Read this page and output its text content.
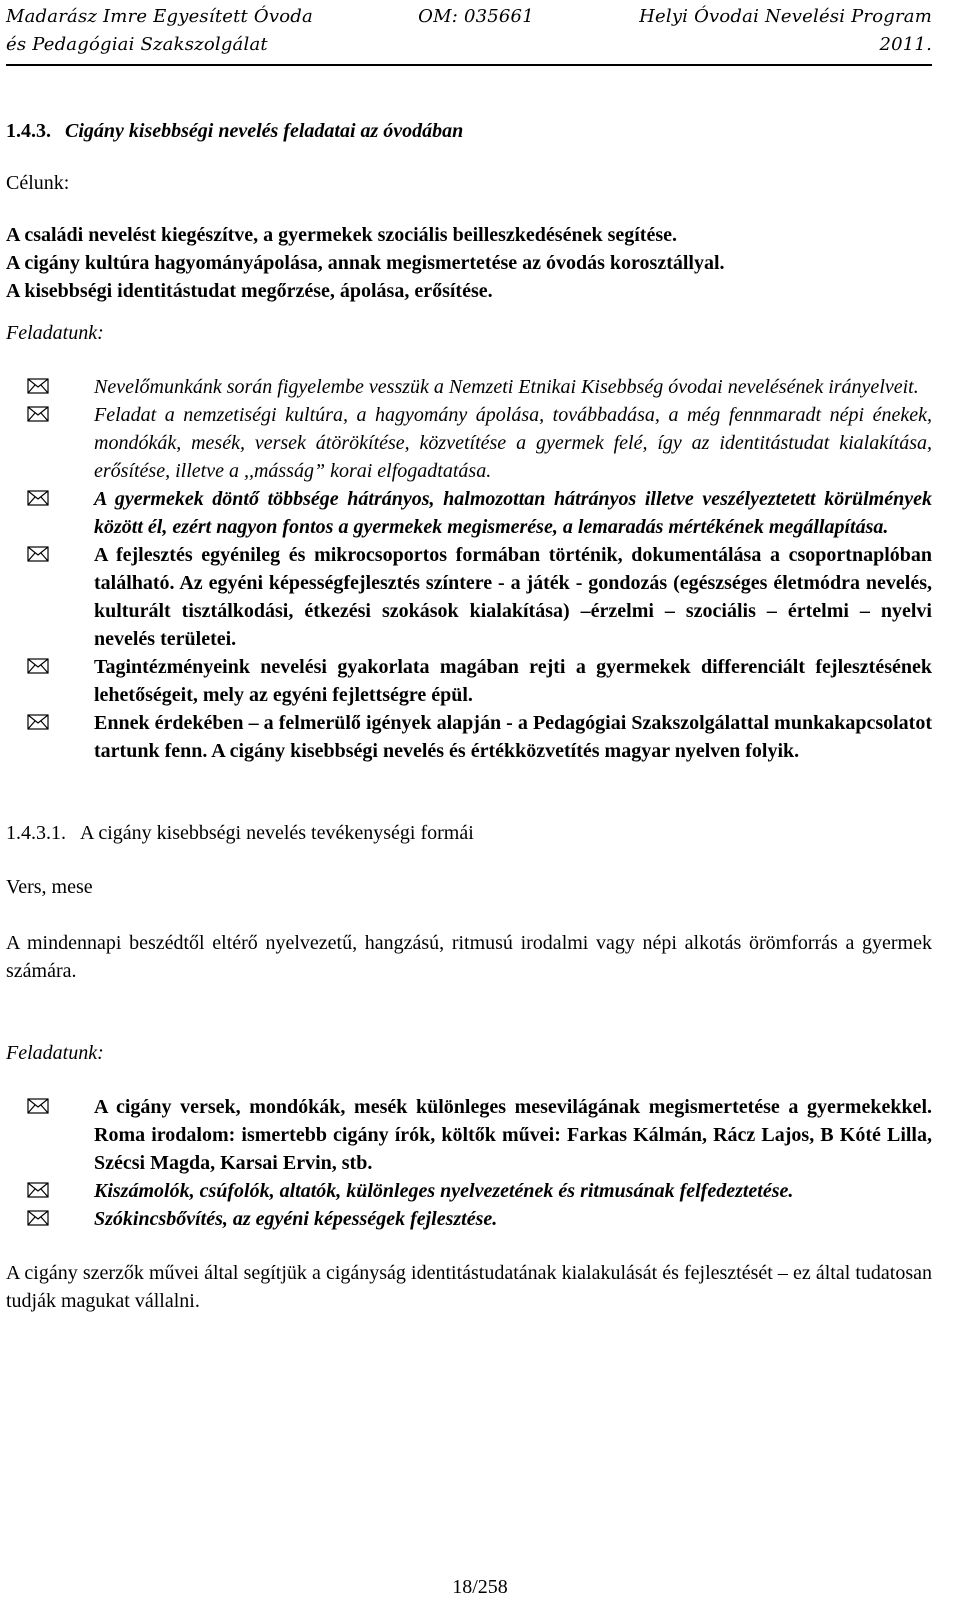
Madarász Imre Egyesített Óvoda	OM: 035661	Helyi Óvodai Nevelési Program
és Pedagógiai Szakszolgálat	2011.

1.4.3. Cigány kisebbségi nevelés feladatai az óvodában

Célunk:

A családi nevelést kiegészítve, a gyermekek szociális beilleszkedésének segítése.

A cigány kultúra hagyományápolása, annak megismertetése az óvodás korosztállyal.

A kisebbségi identitástudat megőrzése, ápolása, erősítése.

Feladatunk:

Nevelőmunkánk során figyelembe vesszük a Nemzeti Etnikai Kisebbség óvodai nevelésének irányelveit.
Feladat a nemzetiségi kultúra, a hagyomány ápolása, továbbadása, a még fennmaradt népi énekek, mondókák, mesék, versek átörökítése, közvetítése a gyermek felé, így az identitástudat kialakítása, erősítése, illetve a ,,másság” korai elfogadtatása.
A gyermekek döntő többsége hátrányos, halmozottan hátrányos illetve veszélyeztetett körülmények között él, ezért nagyon fontos a gyermekek megismerése, a lemaradás mértékének megállapítása.
A fejlesztés egyénileg és mikrocsoportos formában történik, dokumentálása a csoportnaplóban található. Az egyéni képességfejlesztés színtere - a játék - gondozás (egészséges életmódra nevelés, kulturált tisztálkodási, étkezési szokások kialakítása) –érzelmi – szociális – értelmi – nyelvi nevelés területei.
Tagintézményeink nevelési gyakorlata magában rejti a gyermekek differenciált fejlesztésének lehetőségeit, mely az egyéni fejlettségre épül.
Ennek érdekében – a felmerülő igények alapján - a Pedagógiai Szakszolgálattal munkakapcsolatot tartunk fenn. A cigány kisebbségi nevelés és értékközvetítés magyar nyelven folyik.

1.4.3.1. A cigány kisebbségi nevelés tevékenységi formái

Vers, mese

A mindennapi beszédtől eltérő nyelvezetű, hangzású, ritmusú irodalmi vagy népi alkotás örömforrás a gyermek számára.

Feladatunk:

A cigány versek, mondókák, mesék különleges mesevilágának megismertetése a gyermekekkel. Roma irodalom: ismertebb cigány írók, költők művei: Farkas Kálmán, Rácz Lajos, B Kóté Lilla, Szécsi Magda, Karsai Ervin, stb.
Kiszámolók, csúfolók, altatók, különleges nyelvezetének és ritmusának felfedeztetése.
Szókincsbővítés, az egyéni képességek fejlesztése.

A cigány szerzők művei által segítjük a cigányság identitástudatának kialakulását és fejlesztését – ez által tudatosan tudják magukat vállalni.

18/258
